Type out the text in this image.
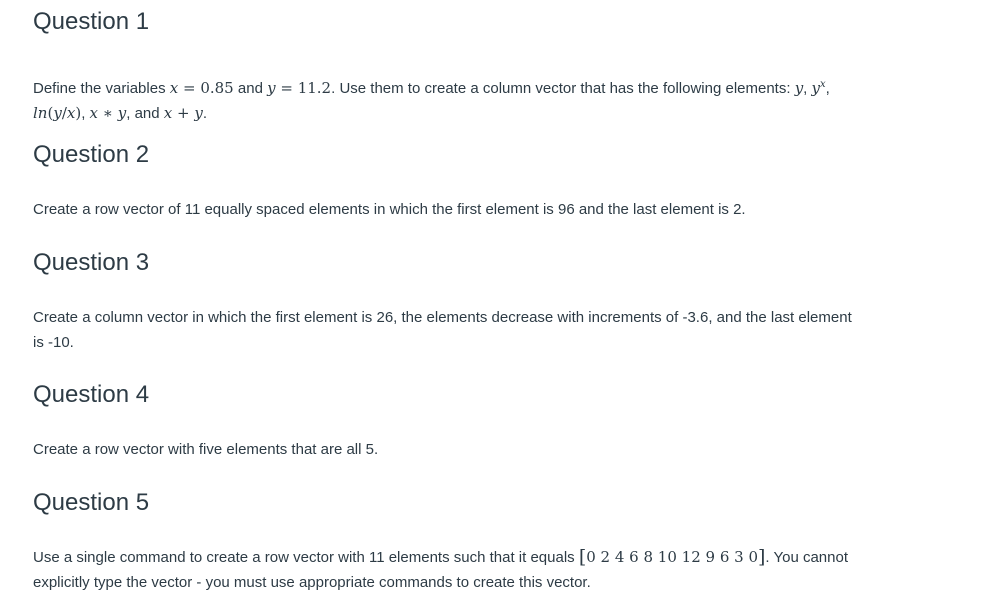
Question 1

Define the variables x = 0.85 and y = 11.2. Use them to create a column vector that has the following elements: y, $y^x$,
ln(y/x), x ∗ y, and x + y.

Question 2

Create a row vector of 11 equally spaced elements in which the first element is 96 and the last element is 2.

Question 3

Create a column vector in which the first element is 26, the elements decrease with increments of -3.6, and the last element is -10.

Question 4

Create a row vector with five elements that are all 5.

Question 5

Use a single command to create a row vector with 11 elements such that it equals [0 2 4 6 8 10 12 9 6 3 0]. You cannot explicitly type the vector - you must use appropriate commands to create this vector.
